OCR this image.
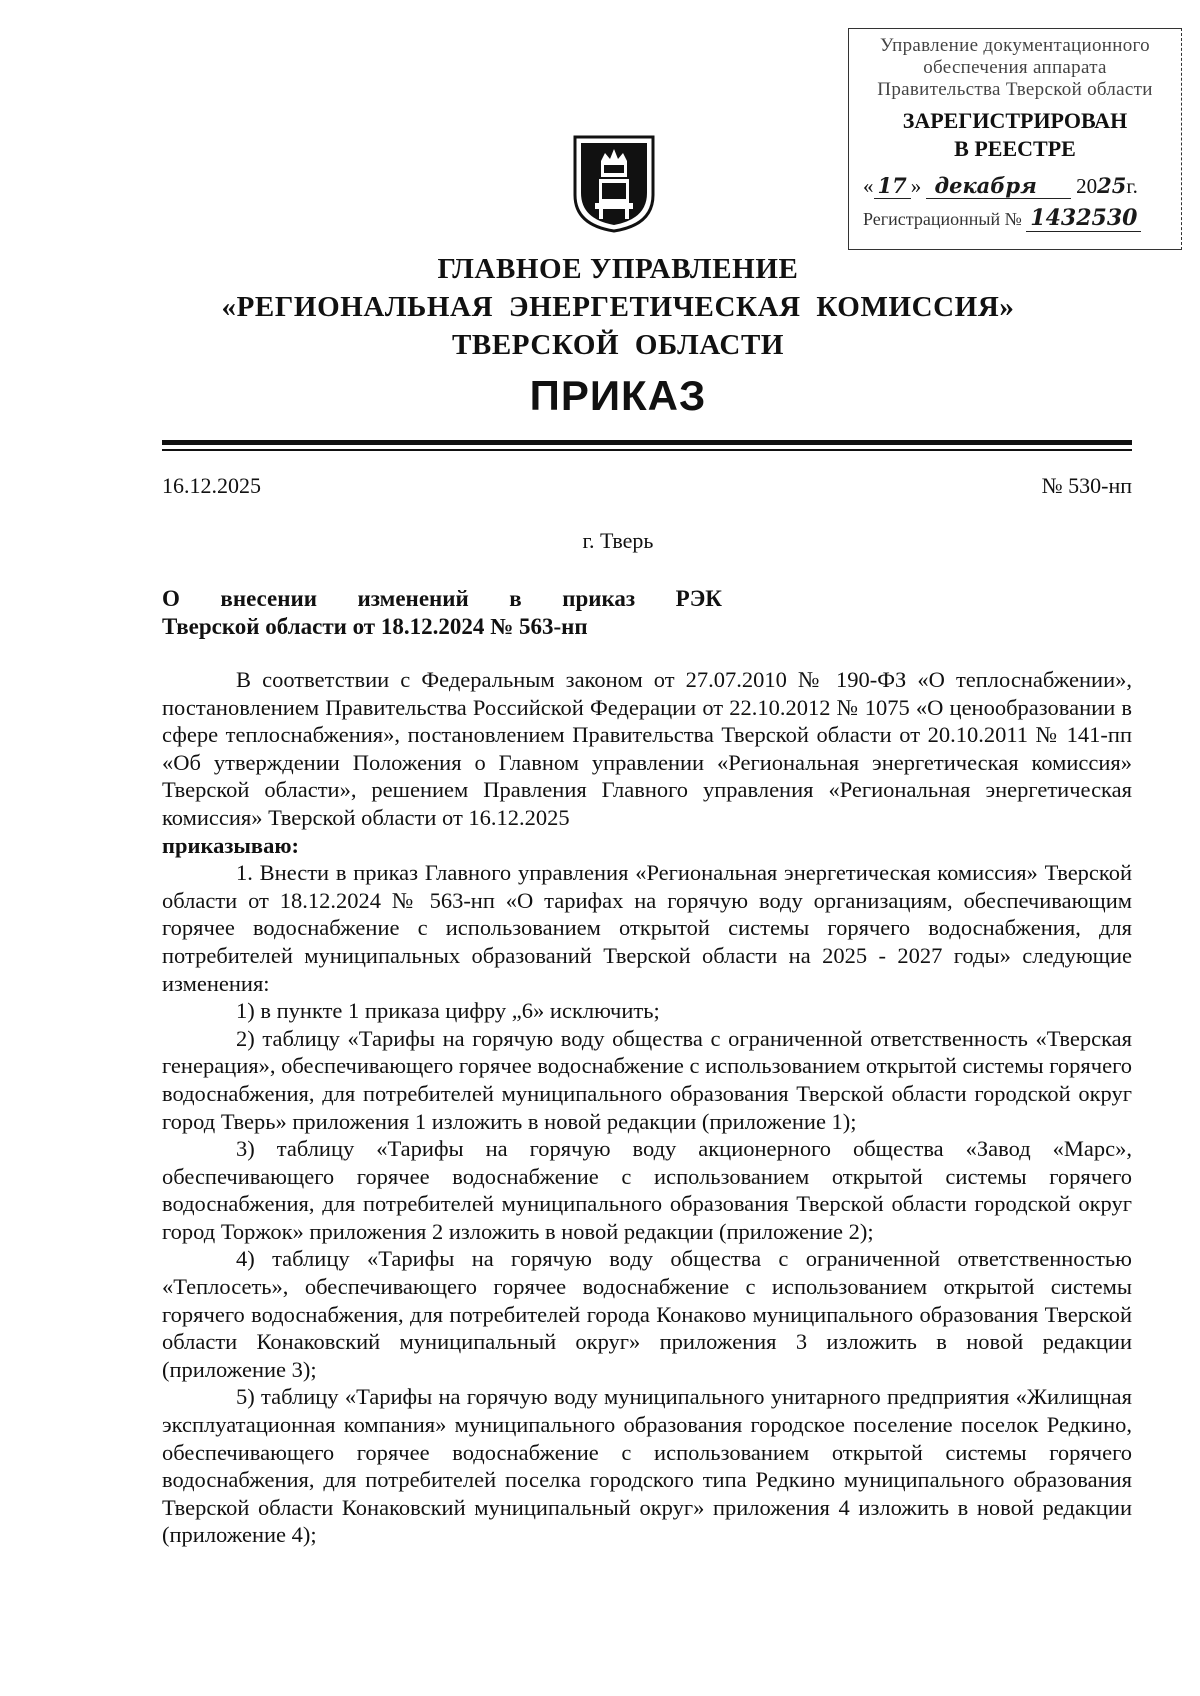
Управление документационного
обеспечения аппарата
Правительства Тверской области
ЗАРЕГИСТРИРОВАН
В РЕЕСТРЕ
« 17 » декабря 2025г.
Регистрационный № 1432530
ГЛАВНОЕ УПРАВЛЕНИЕ
«РЕГИОНАЛЬНАЯ  ЭНЕРГЕТИЧЕСКАЯ  КОМИССИЯ»
ТВЕРСКОЙ  ОБЛАСТИ
ПРИКАЗ
16.12.2025	№ 530-нп
г. Тверь
О внесении изменений в приказ РЭК
Тверской области от 18.12.2024 № 563-нп

В соответствии с Федеральным законом от 27.07.2010 № 190-ФЗ «О теплоснабжении», постановлением Правительства Российской Федерации от 22.10.2012 № 1075 «О ценообразовании в сфере теплоснабжения», постановлением Правительства Тверской области от 20.10.2011 № 141-пп «Об утверждении Положения о Главном управлении «Региональная энергетическая комиссия» Тверской области», решением Правления Главного управления «Региональная энергетическая комиссия» Тверской области от 16.12.2025

приказываю:

1. Внести в приказ Главного управления «Региональная энергетическая комиссия» Тверской области от 18.12.2024 № 563-нп «О тарифах на горячую воду организациям, обеспечивающим горячее водоснабжение с использованием открытой системы горячего водоснабжения, для потребителей муниципальных образований Тверской области на 2025 - 2027 годы» следующие изменения:

1) в пункте 1 приказа цифру „6» исключить;

2) таблицу «Тарифы на горячую воду общества с ограниченной ответственность «Тверская генерация», обеспечивающего горячее водоснабжение с использованием открытой системы горячего водоснабжения, для потребителей муниципального образования Тверской области городской округ город Тверь» приложения 1 изложить в новой редакции (приложение 1);

3) таблицу «Тарифы на горячую воду акционерного общества «Завод «Марс», обеспечивающего горячее водоснабжение с использованием открытой системы горячего водоснабжения, для потребителей муниципального образования Тверской области городской округ город Торжок» приложения 2 изложить в новой редакции (приложение 2);

4) таблицу «Тарифы на горячую воду общества с ограниченной ответственностью «Теплосеть», обеспечивающего горячее водоснабжение с использованием открытой системы горячего водоснабжения, для потребителей города Конаково муниципального образования Тверской области Конаковский муниципальный округ» приложения 3 изложить в новой редакции (приложение 3);

5) таблицу «Тарифы на горячую воду муниципального унитарного предприятия «Жилищная эксплуатационная компания» муниципального образования городское поселение поселок Редкино, обеспечивающего горячее водоснабжение с использованием открытой системы горячего водоснабжения, для потребителей поселка городского типа Редкино муниципального образования Тверской области Конаковский муниципальный округ» приложения 4 изложить в новой редакции (приложение 4);
